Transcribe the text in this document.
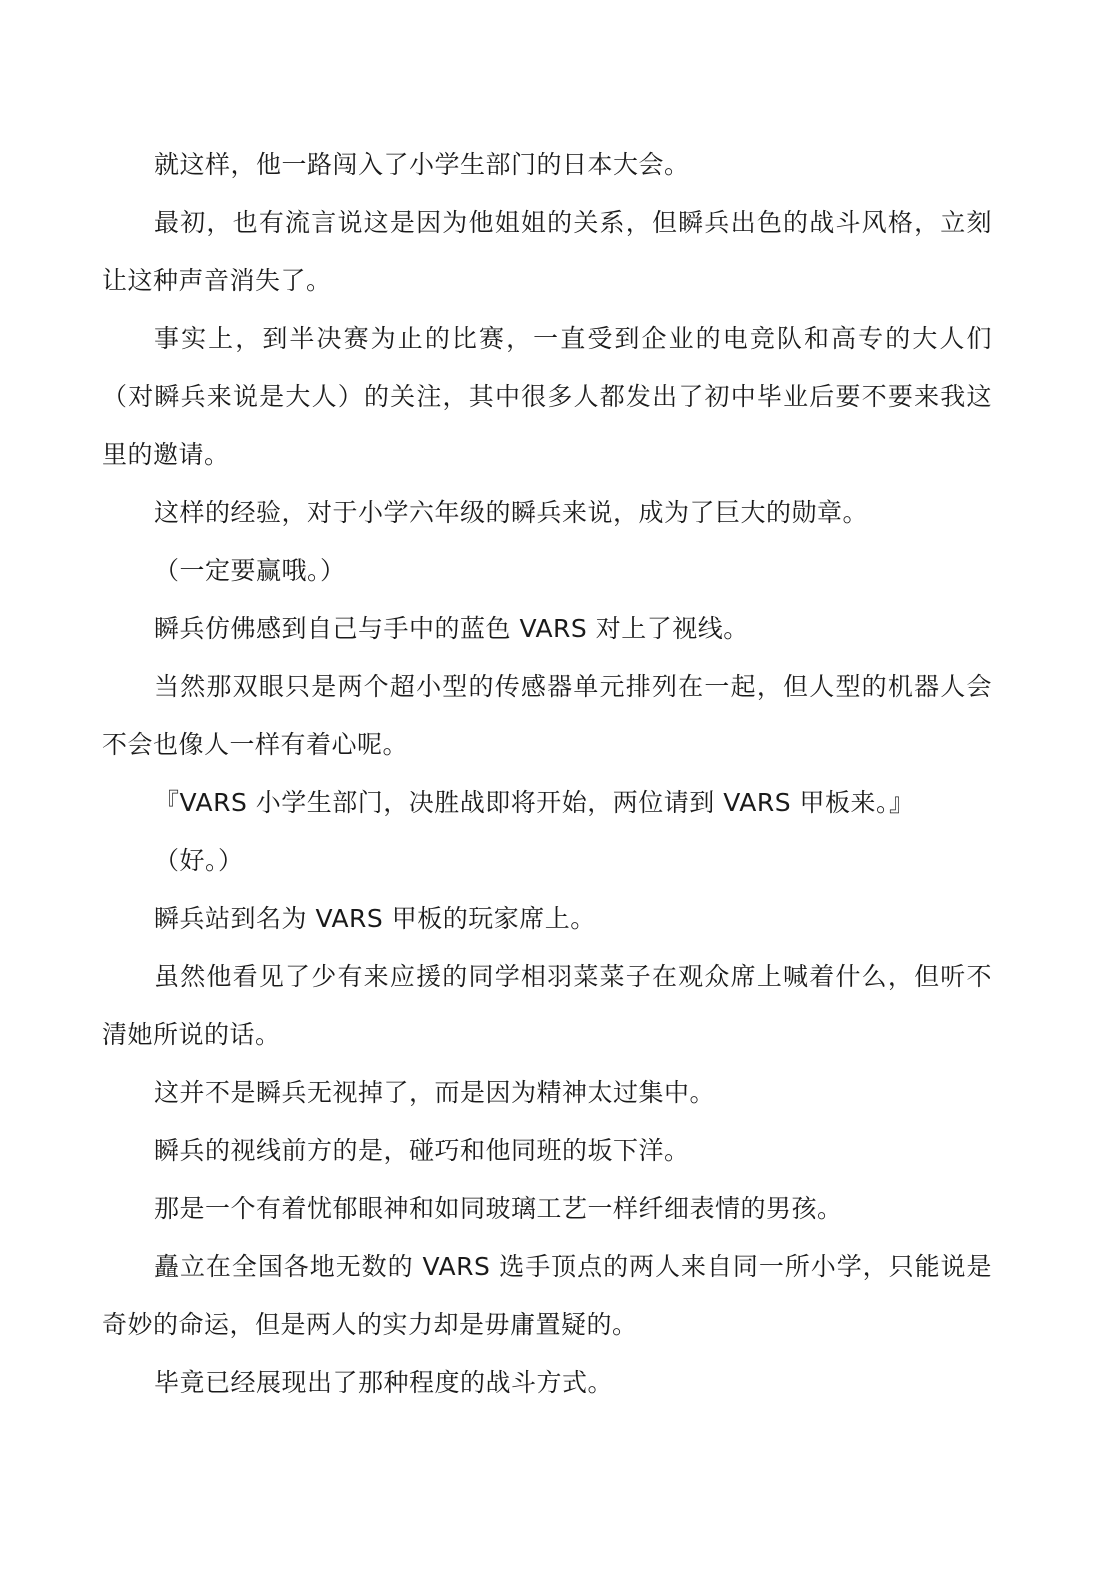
就这样，他一路闯入了小学生部门的日本大会。

最初，也有流言说这是因为他姐姐的关系，但瞬兵出色的战斗风格，立刻让这种声音消失了。

事实上，到半决赛为止的比赛，一直受到企业的电竞队和高专的大人们（对瞬兵来说是大人）的关注，其中很多人都发出了初中毕业后要不要来我这里的邀请。

这样的经验，对于小学六年级的瞬兵来说，成为了巨大的勋章。

（一定要赢哦。）

瞬兵仿佛感到自己与手中的蓝色 VARS 对上了视线。

当然那双眼只是两个超小型的传感器单元排列在一起，但人型的机器人会不会也像人一样有着心呢。

『VARS 小学生部门，决胜战即将开始，两位请到 VARS 甲板来。』

（好。）

瞬兵站到名为 VARS 甲板的玩家席上。

虽然他看见了少有来应援的同学相羽菜菜子在观众席上喊着什么，但听不清她所说的话。

这并不是瞬兵无视掉了，而是因为精神太过集中。

瞬兵的视线前方的是，碰巧和他同班的坂下洋。

那是一个有着忧郁眼神和如同玻璃工艺一样纤细表情的男孩。

矗立在全国各地无数的 VARS 选手顶点的两人来自同一所小学，只能说是奇妙的命运，但是两人的实力却是毋庸置疑的。

毕竟已经展现出了那种程度的战斗方式。
